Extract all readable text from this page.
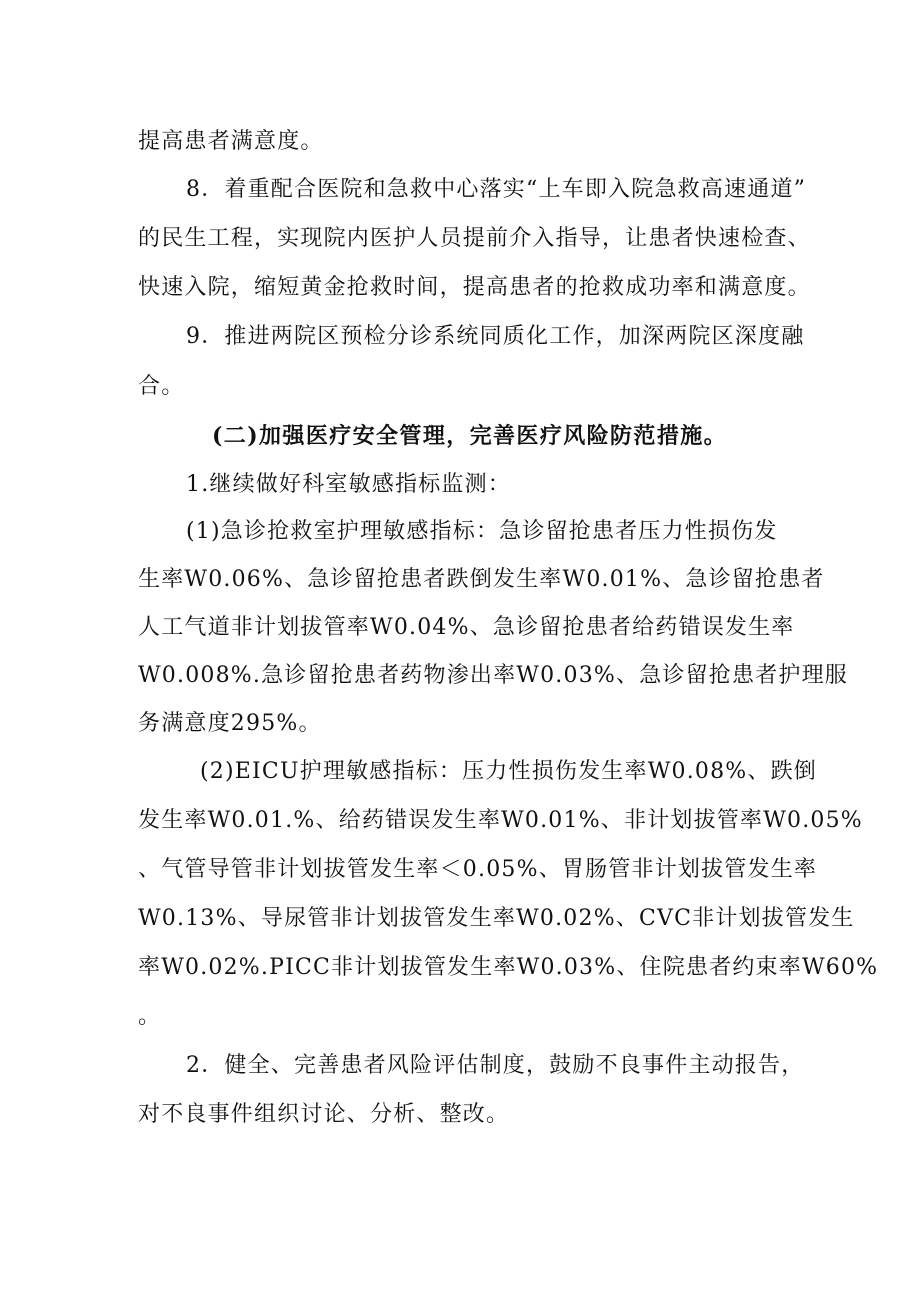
提高患者满意度。
8．着重配合医院和急救中心落实“上车即入院急救高速通道”
的民生工程，实现院内医护人员提前介入指导，让患者快速检查、
快速入院，缩短黄金抢救时间，提高患者的抢救成功率和满意度。
9．推进两院区预检分诊系统同质化工作，加深两院区深度融
合。
(二)加强医疗安全管理，完善医疗风险防范措施。
1.继续做好科室敏感指标监测：
(1)急诊抢救室护理敏感指标：急诊留抢患者压力性损伤发
生率W0.06%、急诊留抢患者跌倒发生率W0.01%、急诊留抢患者
人工气道非计划拔管率W0.04%、急诊留抢患者给药错误发生率
W0.008%.急诊留抢患者药物渗出率W0.03%、急诊留抢患者护理服
务满意度295%。
(2)EICU护理敏感指标：压力性损伤发生率W0.08%、跌倒
发生率W0.01.%、给药错误发生率W0.01%、非计划拔管率W0.05%
、气管导管非计划拔管发生率＜0.05%、胃肠管非计划拔管发生率
W0.13%、导尿管非计划拔管发生率W0.02%、CVC非计划拔管发生
率W0.02%.PICC非计划拔管发生率W0.03%、住院患者约束率W60%
。
2．健全、完善患者风险评估制度，鼓励不良事件主动报告，
对不良事件组织讨论、分析、整改。
